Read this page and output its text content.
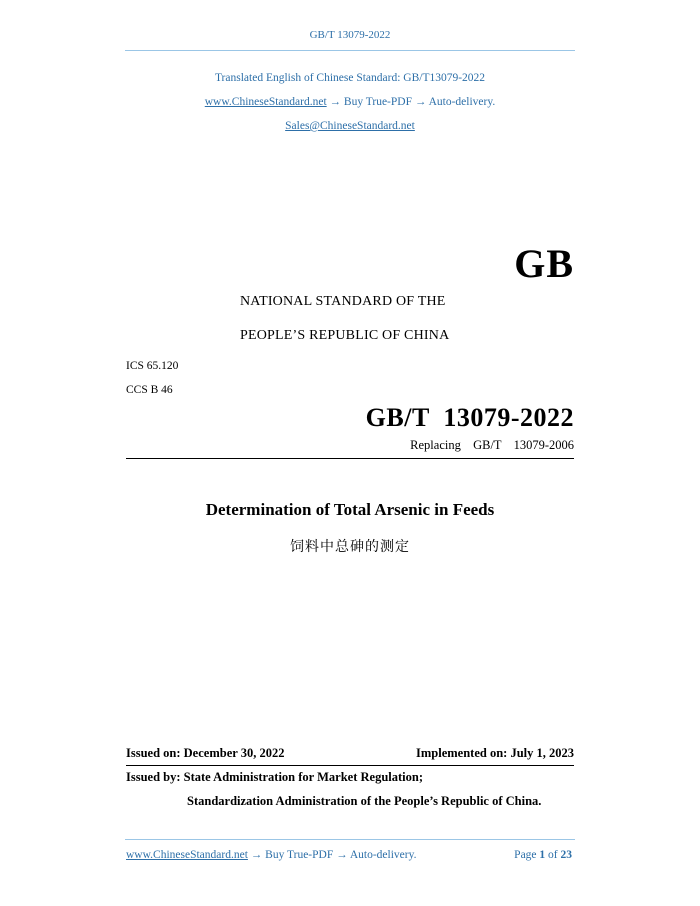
GB/T 13079-2022
Translated English of Chinese Standard: GB/T13079-2022
www.ChineseStandard.net → Buy True-PDF → Auto-delivery.
Sales@ChineseStandard.net
GB
NATIONAL STANDARD OF THE
PEOPLE’S REPUBLIC OF CHINA
ICS 65.120
CCS B 46
GB/T  13079-2022
Replacing  GB/T  13079-2006
Determination of Total Arsenic in Feeds
饲料中总砷的测定
Issued on: December 30, 2022	Implemented on: July 1, 2023
Issued by: State Administration for Market Regulation;
Standardization Administration of the People’s Republic of China.
www.ChineseStandard.net → Buy True-PDF → Auto-delivery.	Page 1 of 23
